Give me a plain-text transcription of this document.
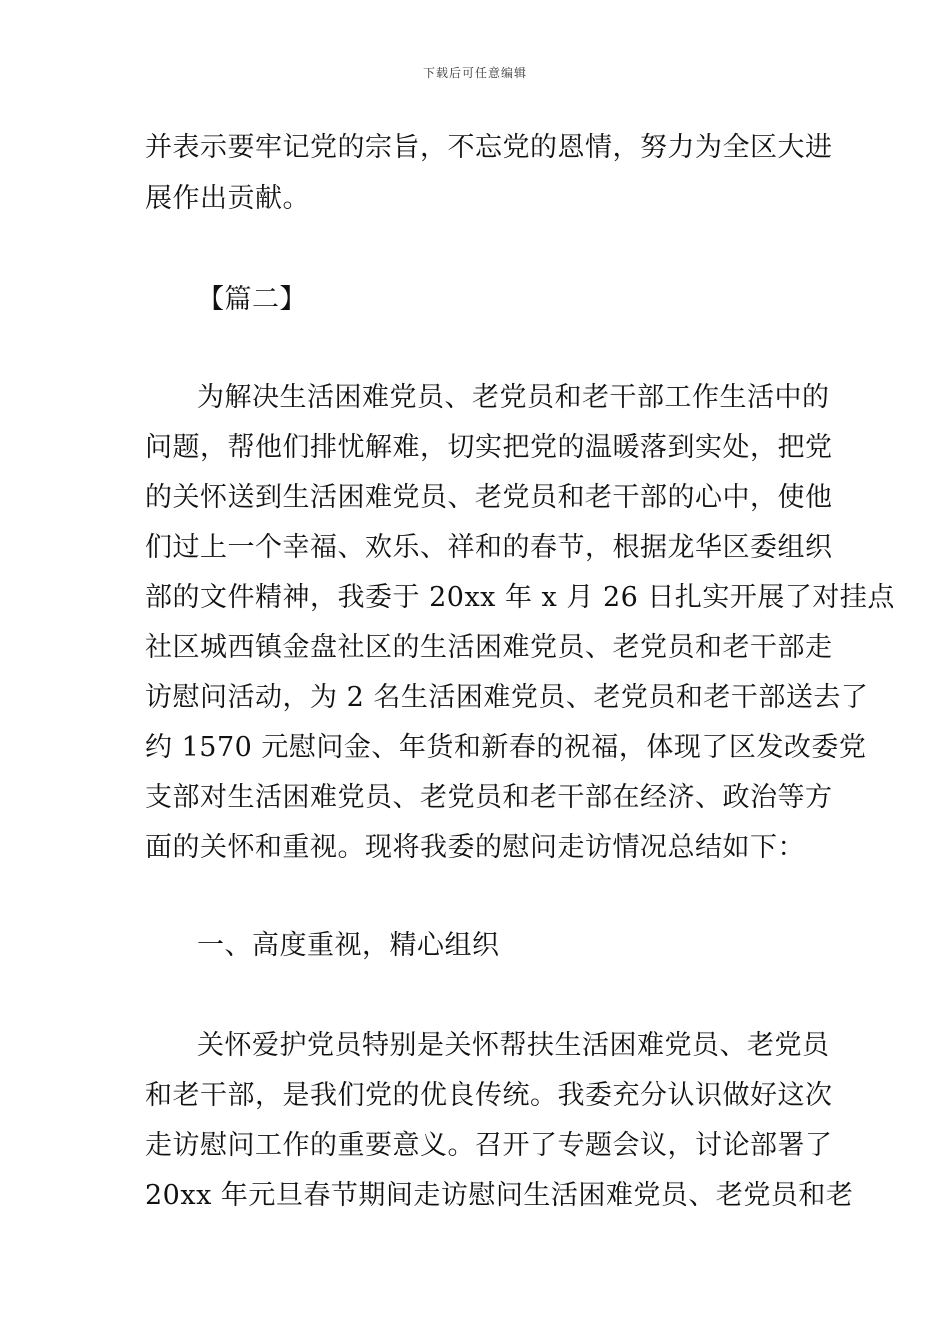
下载后可任意编辑
并表示要牢记党的宗旨，不忘党的恩情，努力为全区大进
展作出贡献。
【篇二】
为解决生活困难党员、老党员和老干部工作生活中的
问题，帮他们排忧解难，切实把党的温暖落到实处，把党
的关怀送到生活困难党员、老党员和老干部的心中，使他
们过上一个幸福、欢乐、祥和的春节，根据龙华区委组织
部的文件精神，我委于 20xx 年 x 月 26 日扎实开展了对挂点
社区城西镇金盘社区的生活困难党员、老党员和老干部走
访慰问活动，为 2 名生活困难党员、老党员和老干部送去了
约 1570 元慰问金、年货和新春的祝福，体现了区发改委党
支部对生活困难党员、老党员和老干部在经济、政治等方
面的关怀和重视。现将我委的慰问走访情况总结如下：
一、高度重视，精心组织
关怀爱护党员特别是关怀帮扶生活困难党员、老党员
和老干部，是我们党的优良传统。我委充分认识做好这次
走访慰问工作的重要意义。召开了专题会议，讨论部署了
20xx 年元旦春节期间走访慰问生活困难党员、老党员和老
